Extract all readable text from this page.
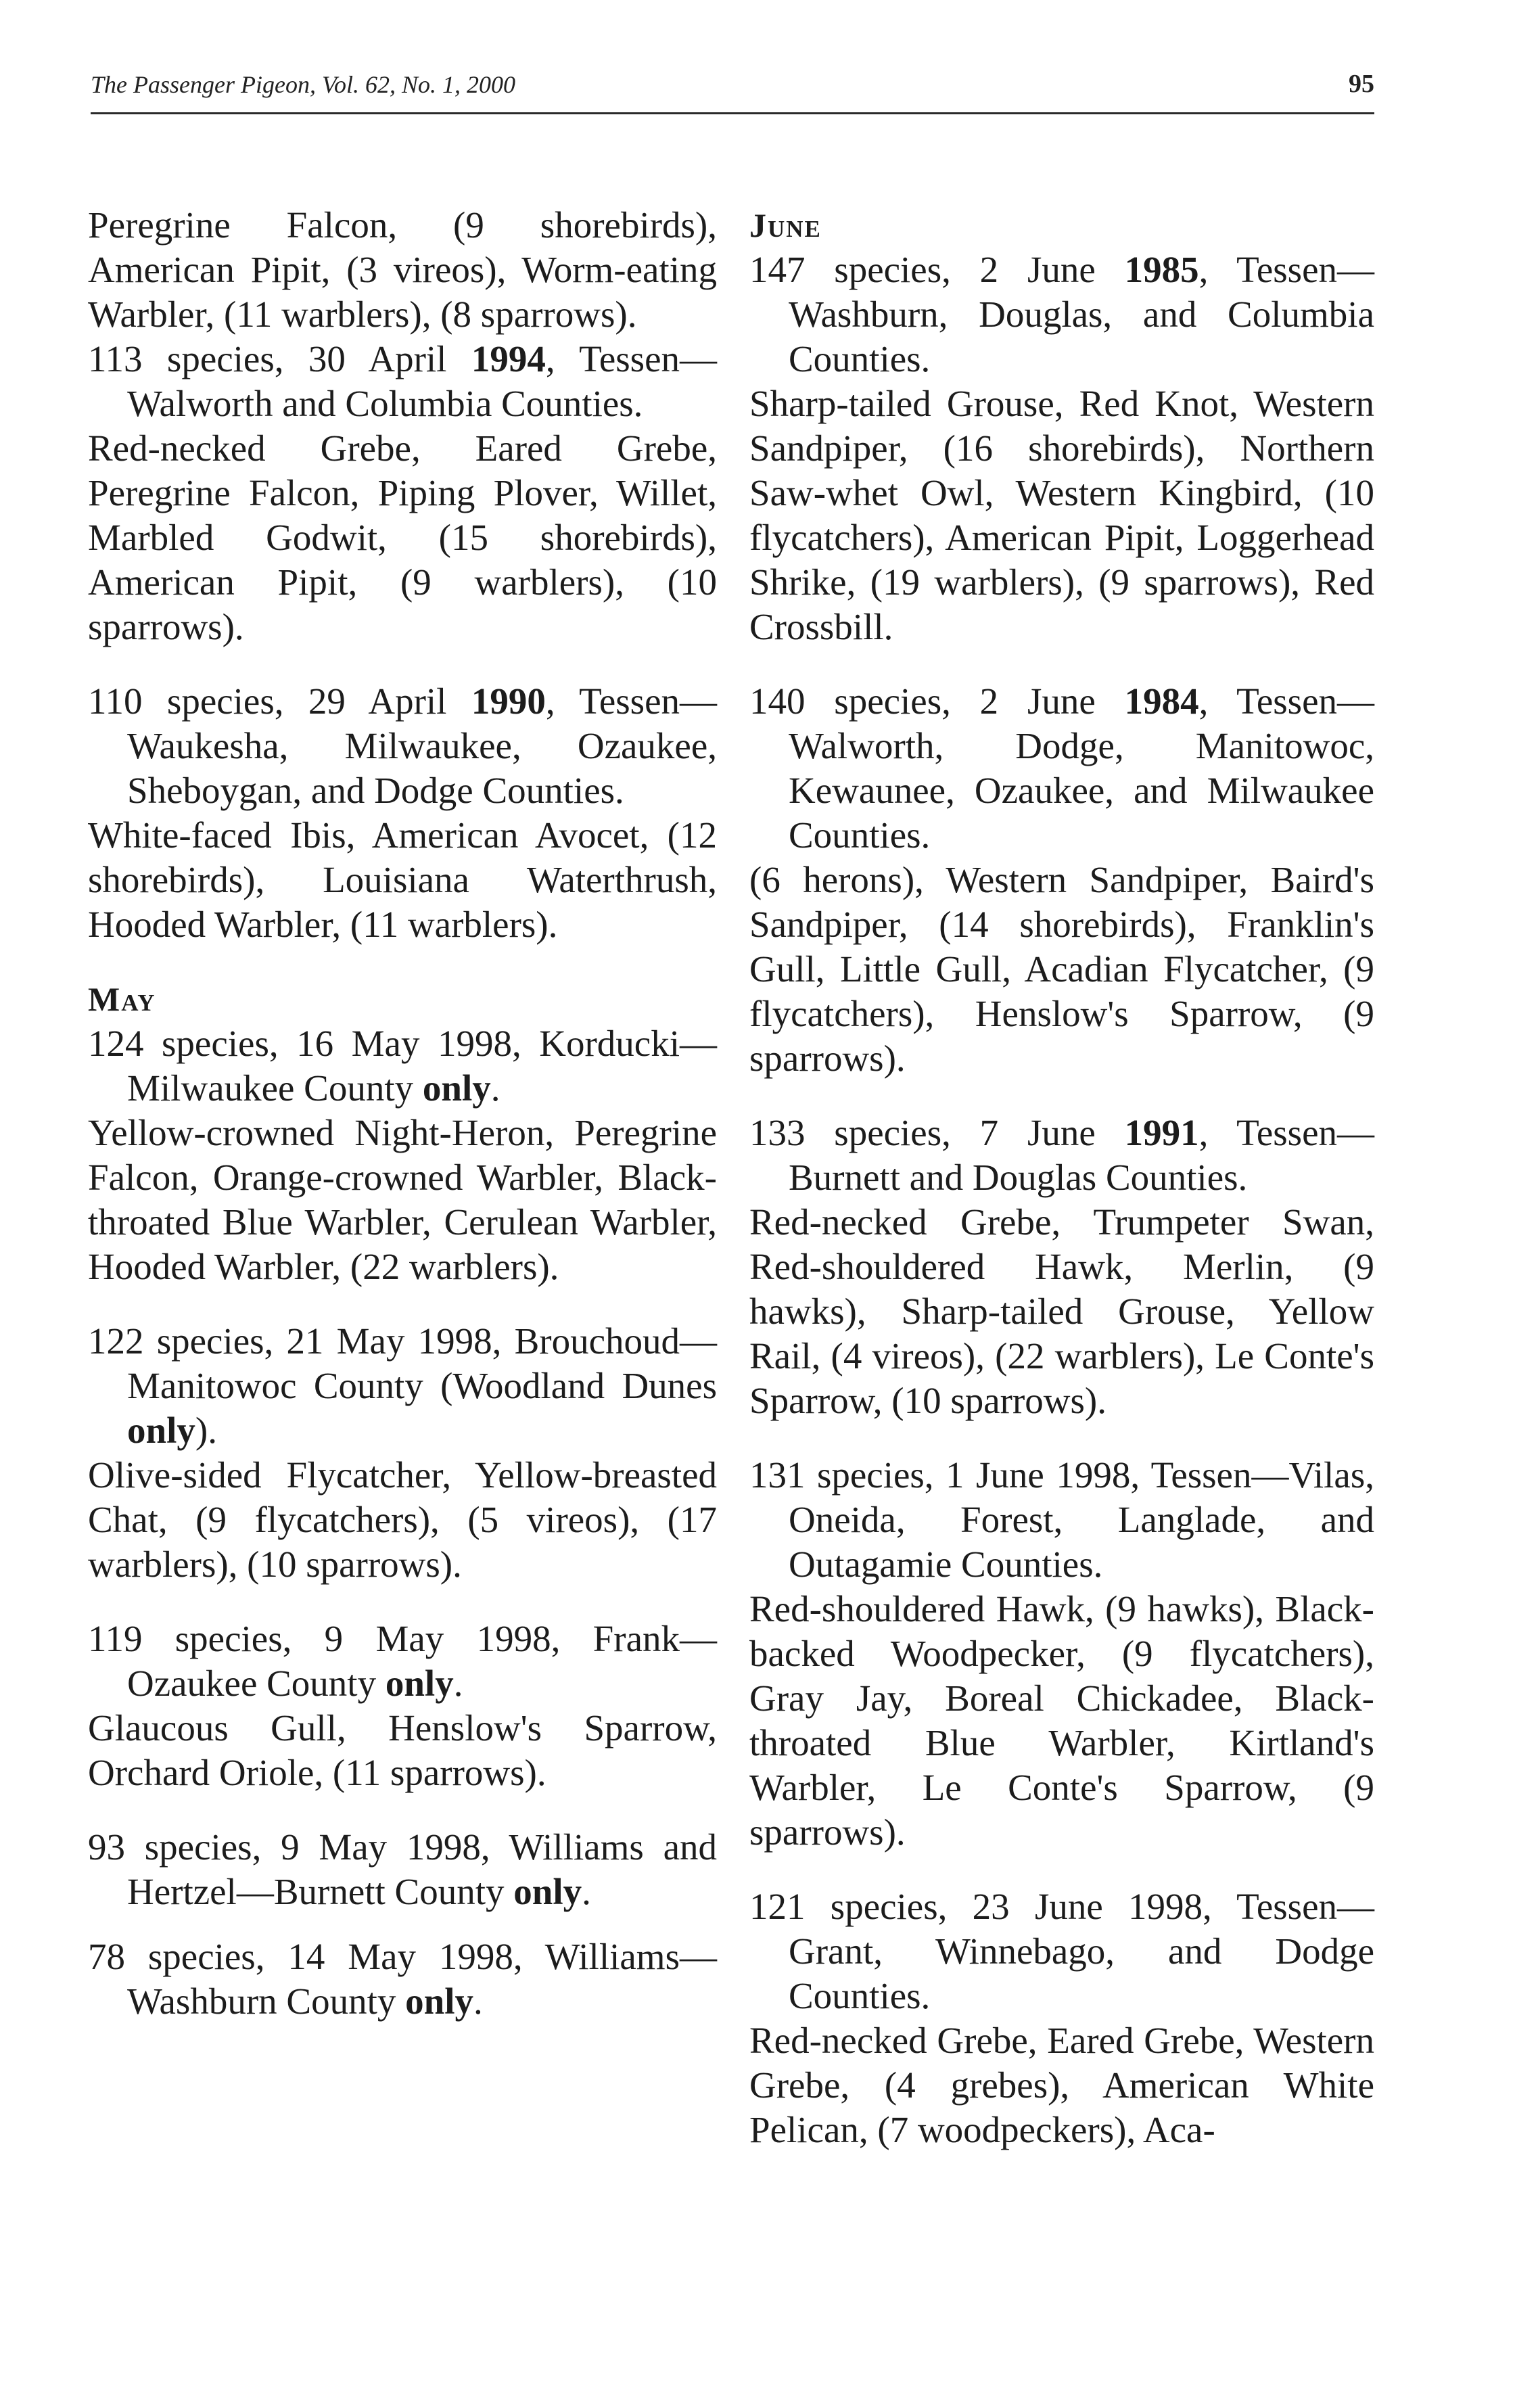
The Passenger Pigeon, Vol. 62, No. 1, 2000	95

Peregrine Falcon, (9 shorebirds), American Pipit, (3 vireos), Worm-eating Warbler, (11 warblers), (8 sparrows).

113 species, 30 April 1994, Tessen—Walworth and Columbia Counties.

Red-necked Grebe, Eared Grebe, Peregrine Falcon, Piping Plover, Willet, Marbled Godwit, (15 shorebirds), American Pipit, (9 warblers), (10 sparrows).

110 species, 29 April 1990, Tessen—Waukesha, Milwaukee, Ozaukee, Sheboygan, and Dodge Counties.

White-faced Ibis, American Avocet, (12 shorebirds), Louisiana Waterthrush, Hooded Warbler, (11 warblers).

May

124 species, 16 May 1998, Korducki—Milwaukee County only.

Yellow-crowned Night-Heron, Peregrine Falcon, Orange-crowned Warbler, Black-throated Blue Warbler, Cerulean Warbler, Hooded Warbler, (22 warblers).

122 species, 21 May 1998, Brouchoud—Manitowoc County (Woodland Dunes only).

Olive-sided Flycatcher, Yellow-breasted Chat, (9 flycatchers), (5 vireos), (17 warblers), (10 sparrows).

119 species, 9 May 1998, Frank—Ozaukee County only.

Glaucous Gull, Henslow's Sparrow, Orchard Oriole, (11 sparrows).

93 species, 9 May 1998, Williams and Hertzel—Burnett County only.

78 species, 14 May 1998, Williams—Washburn County only.

June

147 species, 2 June 1985, Tessen—Washburn, Douglas, and Columbia Counties.

Sharp-tailed Grouse, Red Knot, Western Sandpiper, (16 shorebirds), Northern Saw-whet Owl, Western Kingbird, (10 flycatchers), American Pipit, Loggerhead Shrike, (19 warblers), (9 sparrows), Red Crossbill.

140 species, 2 June 1984, Tessen—Walworth, Dodge, Manitowoc, Kewaunee, Ozaukee, and Milwaukee Counties.

(6 herons), Western Sandpiper, Baird's Sandpiper, (14 shorebirds), Franklin's Gull, Little Gull, Acadian Flycatcher, (9 flycatchers), Henslow's Sparrow, (9 sparrows).

133 species, 7 June 1991, Tessen—Burnett and Douglas Counties.

Red-necked Grebe, Trumpeter Swan, Red-shouldered Hawk, Merlin, (9 hawks), Sharp-tailed Grouse, Yellow Rail, (4 vireos), (22 warblers), Le Conte's Sparrow, (10 sparrows).

131 species, 1 June 1998, Tessen—Vilas, Oneida, Forest, Langlade, and Outagamie Counties.

Red-shouldered Hawk, (9 hawks), Black-backed Woodpecker, (9 flycatchers), Gray Jay, Boreal Chickadee, Black-throated Blue Warbler, Kirtland's Warbler, Le Conte's Sparrow, (9 sparrows).

121 species, 23 June 1998, Tessen—Grant, Winnebago, and Dodge Counties.

Red-necked Grebe, Eared Grebe, Western Grebe, (4 grebes), American White Pelican, (7 woodpeckers), Aca-
